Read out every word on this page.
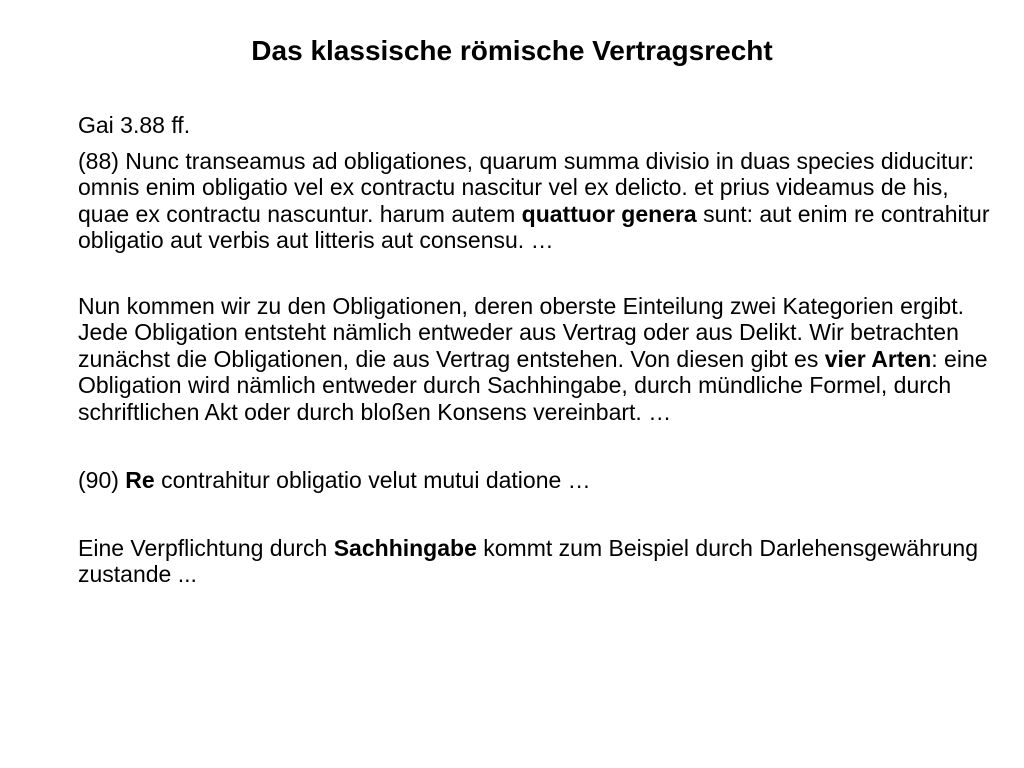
Das klassische römische Vertragsrecht

Gai 3.88 ff.

(88) Nunc transeamus ad obligationes, quarum summa divisio in duas species diducitur: omnis enim obligatio vel ex contractu nascitur vel ex delicto. et prius videamus de his, quae ex contractu nascuntur. harum autem quattuor genera sunt: aut enim re contrahitur obligatio aut verbis aut litteris aut consensu. …

Nun kommen wir zu den Obligationen, deren oberste Einteilung zwei Kategorien ergibt. Jede Obligation entsteht nämlich entweder aus Vertrag oder aus Delikt. Wir betrachten zunächst die Obligationen, die aus Vertrag entstehen. Von diesen gibt es vier Arten: eine Obligation wird nämlich entweder durch Sachhingabe, durch mündliche Formel, durch schriftlichen Akt oder durch bloßen Konsens vereinbart. …

(90) Re contrahitur obligatio velut mutui datione …

Eine Verpflichtung durch Sachhingabe kommt zum Beispiel durch Darlehensgewährung zustande ...
